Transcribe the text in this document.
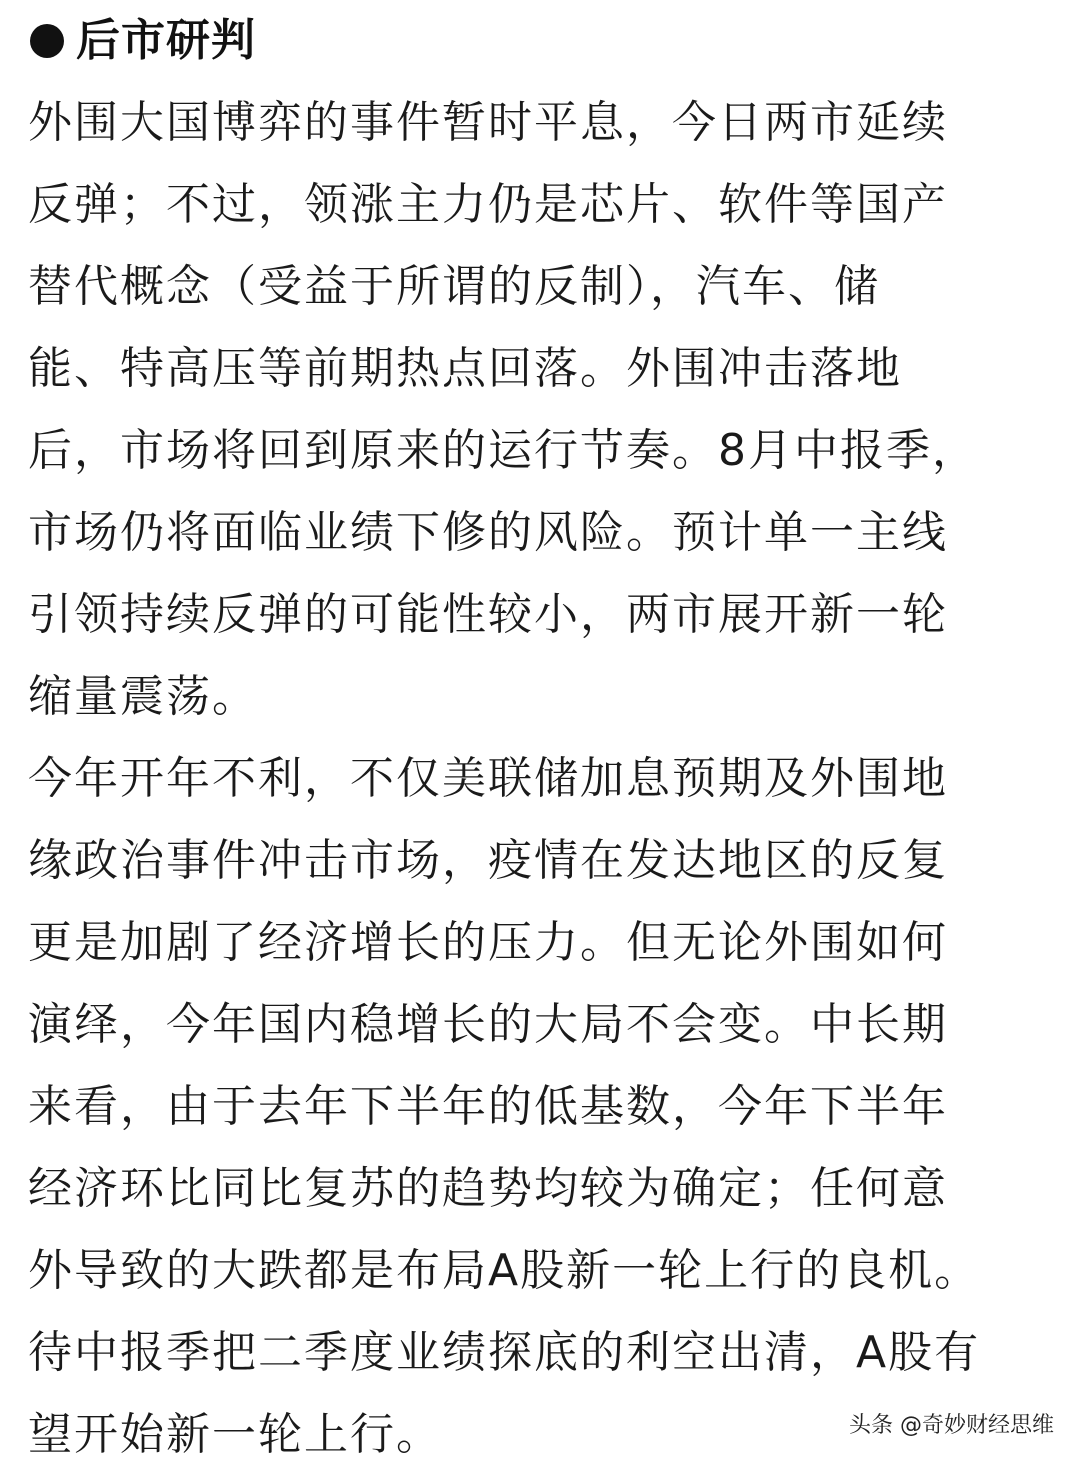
后市研判
外围大国博弈的事件暂时平息，今日两市延续
反弹；不过，领涨主力仍是芯片、软件等国产
替代概念（受益于所谓的反制），汽车、储
能、特高压等前期热点回落。外围冲击落地
后，市场将回到原来的运行节奏。8月中报季，
市场仍将面临业绩下修的风险。预计单一主线
引领持续反弹的可能性较小，两市展开新一轮
缩量震荡。
今年开年不利，不仅美联储加息预期及外围地
缘政治事件冲击市场，疫情在发达地区的反复
更是加剧了经济增长的压力。但无论外围如何
演绎，今年国内稳增长的大局不会变。中长期
来看，由于去年下半年的低基数，今年下半年
经济环比同比复苏的趋势均较为确定；任何意
外导致的大跌都是布局A股新一轮上行的良机。
待中报季把二季度业绩探底的利空出清，A股有
望开始新一轮上行。	头条 @奇妙财经思维
